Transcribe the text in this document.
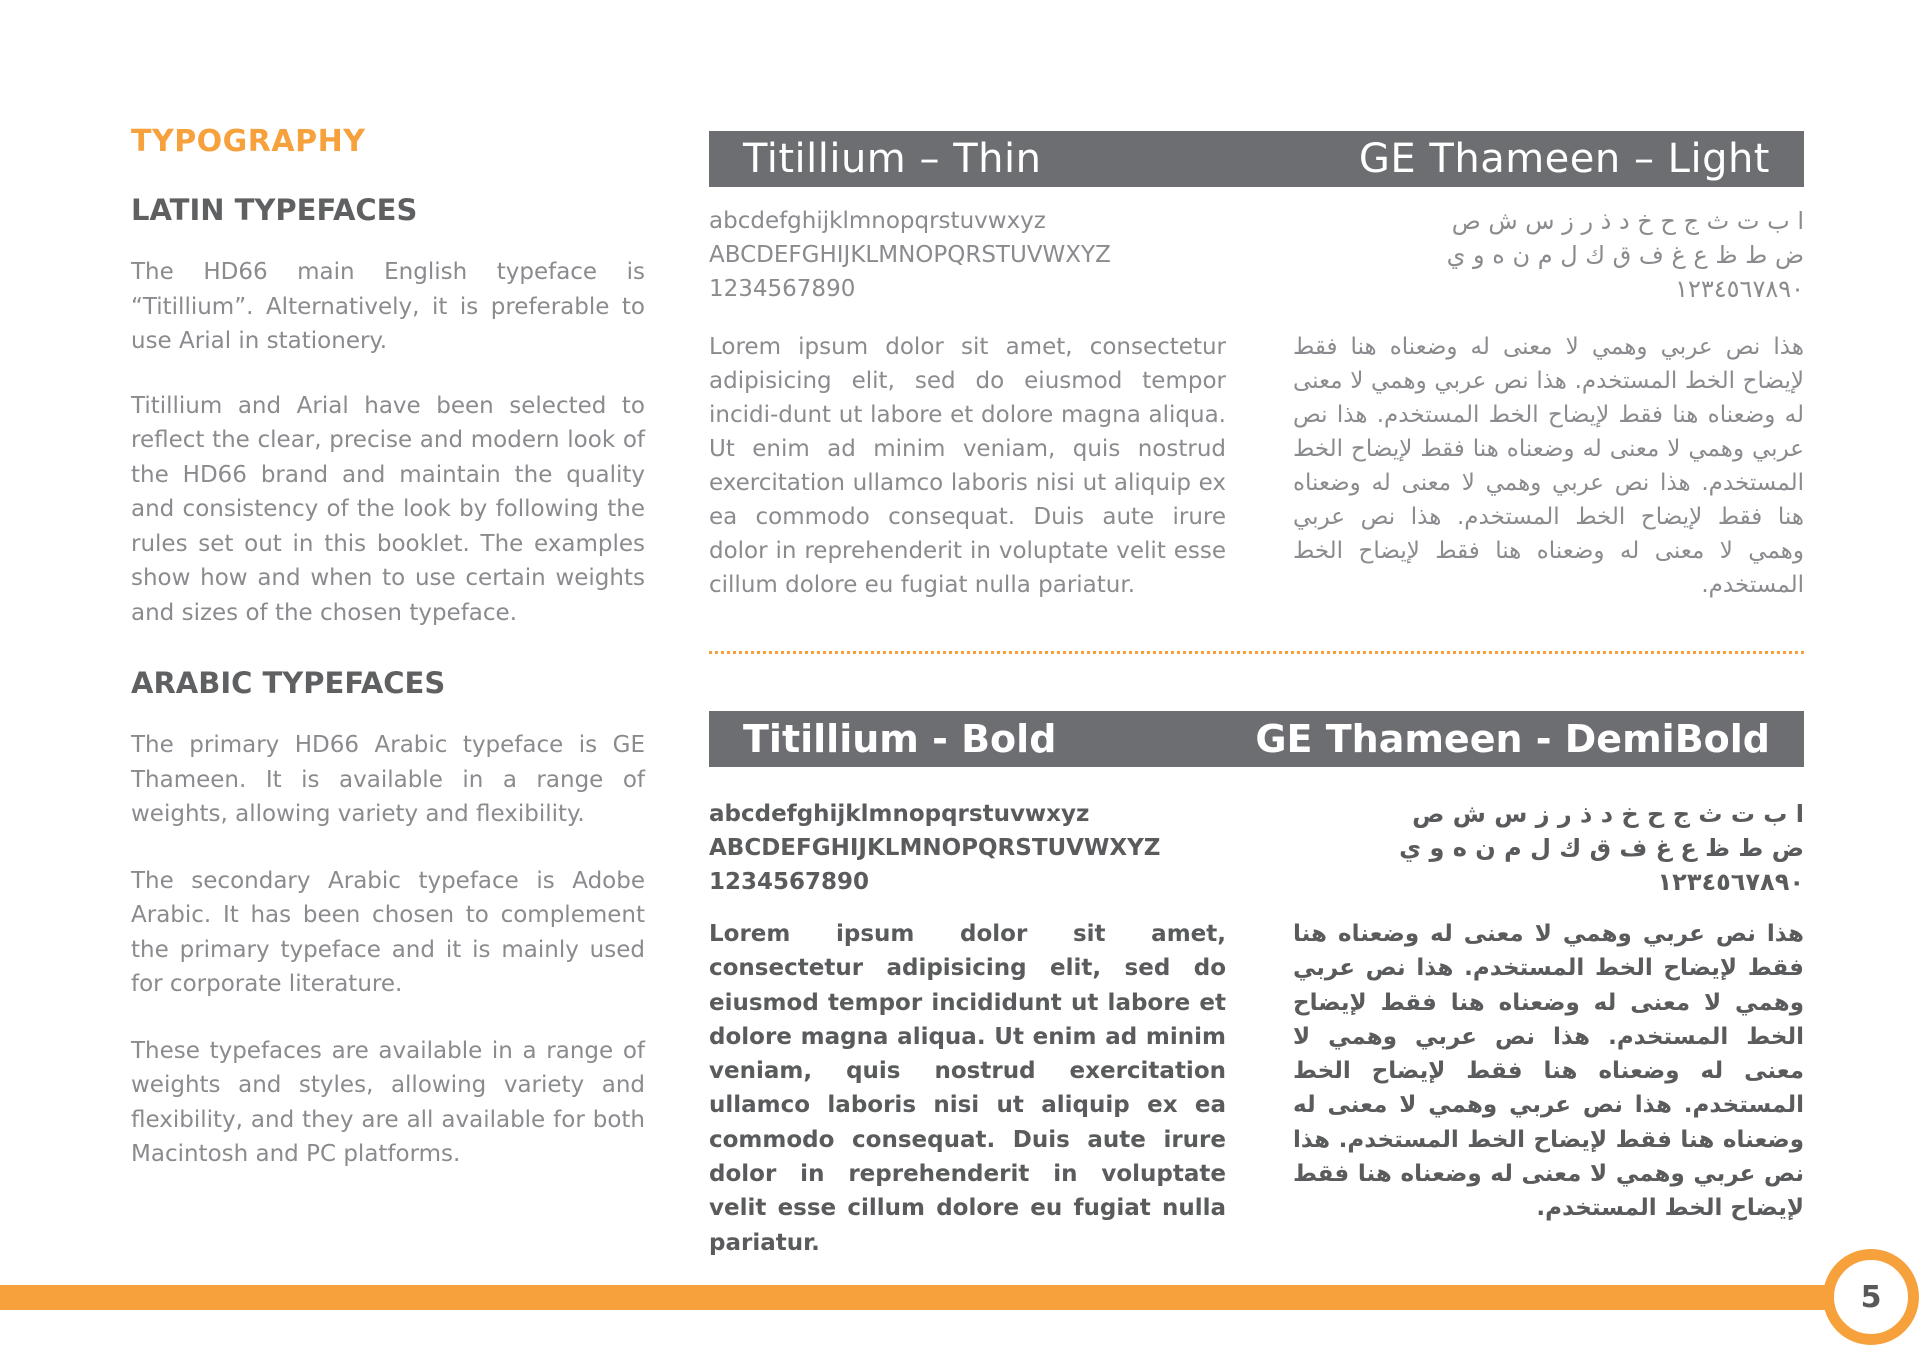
TYPOGRAPHY
LATIN TYPEFACES

The HD66 main English typeface is “Titillium”. Alternatively, it is preferable to use Arial in stationery.

Titillium and Arial have been selected to reflect the clear, precise and modern look of the HD66 brand and maintain the quality and consistency of the look by following the rules set out in this booklet. The examples show how and when to use certain weights and sizes of the chosen typeface.

ARABIC TYPEFACES

The primary HD66 Arabic typeface is GE Thameen. It is available in a range of weights, allowing variety and flexibility.

The secondary Arabic typeface is Adobe Arabic. It has been chosen to complement the primary typeface and it is mainly used for corporate literature.

These typefaces are available in a range of weights and styles, allowing variety and flexibility, and they are all available for both Macintosh and PC platforms.

Titillium – Thin	GE Thameen – Light

abcdefghijklmnopqrstuvwxyz

ABCDEFGHIJKLMNOPQRSTUVWXYZ

1234567890

Lorem ipsum dolor sit amet, consectetur adipisicing elit, sed do eiusmod tempor incidi-dunt ut labore et dolore magna aliqua. Ut enim ad minim veniam, quis nostrud exercitation ullamco laboris nisi ut aliquip ex ea commodo consequat. Duis aute irure dolor in reprehenderit in voluptate velit esse cillum dolore eu fugiat nulla pariatur.

ا ب ت ث ج ح خ د ذ ر ز س ش ص

ض ط ظ ع غ ف ق ك ل م ن ه و ي

١٢٣٤٥٦٧٨٩٠

هذا نص عربي وهمي لا معنى له وضعناه هنا فقط لإيضاح الخط المستخدم. هذا نص عربي وهمي لا معنى له وضعناه هنا فقط لإيضاح الخط المستخدم. هذا نص عربي وهمي لا معنى له وضعناه هنا فقط لإيضاح الخط المستخدم. هذا نص عربي وهمي لا معنى له وضعناه هنا فقط لإيضاح الخط المستخدم. هذا نص عربي وهمي لا معنى له وضعناه هنا فقط لإيضاح الخط المستخدم.

Titillium - Bold	GE Thameen - DemiBold

abcdefghijklmnopqrstuvwxyz

ABCDEFGHIJKLMNOPQRSTUVWXYZ

1234567890

Lorem ipsum dolor sit amet, consectetur adipisicing elit, sed do eiusmod tempor incididunt ut labore et dolore magna aliqua. Ut enim ad minim veniam, quis nostrud exercitation ullamco laboris nisi ut aliquip ex ea commodo consequat. Duis aute irure dolor in reprehenderit in voluptate velit esse cillum dolore eu fugiat nulla pariatur.

ا ب ت ث ج ح خ د ذ ر ز س ش ص

ض ط ظ ع غ ف ق ك ل م ن ه و ي

١٢٣٤٥٦٧٨٩٠

هذا نص عربي وهمي لا معنى له وضعناه هنا فقط لإيضاح الخط المستخدم. هذا نص عربي وهمي لا معنى له وضعناه هنا فقط لإيضاح الخط المستخدم. هذا نص عربي وهمي لا معنى له وضعناه هنا فقط لإيضاح الخط المستخدم. هذا نص عربي وهمي لا معنى له وضعناه هنا فقط لإيضاح الخط المستخدم. هذا نص عربي وهمي لا معنى له وضعناه هنا فقط لإيضاح الخط المستخدم.

5
